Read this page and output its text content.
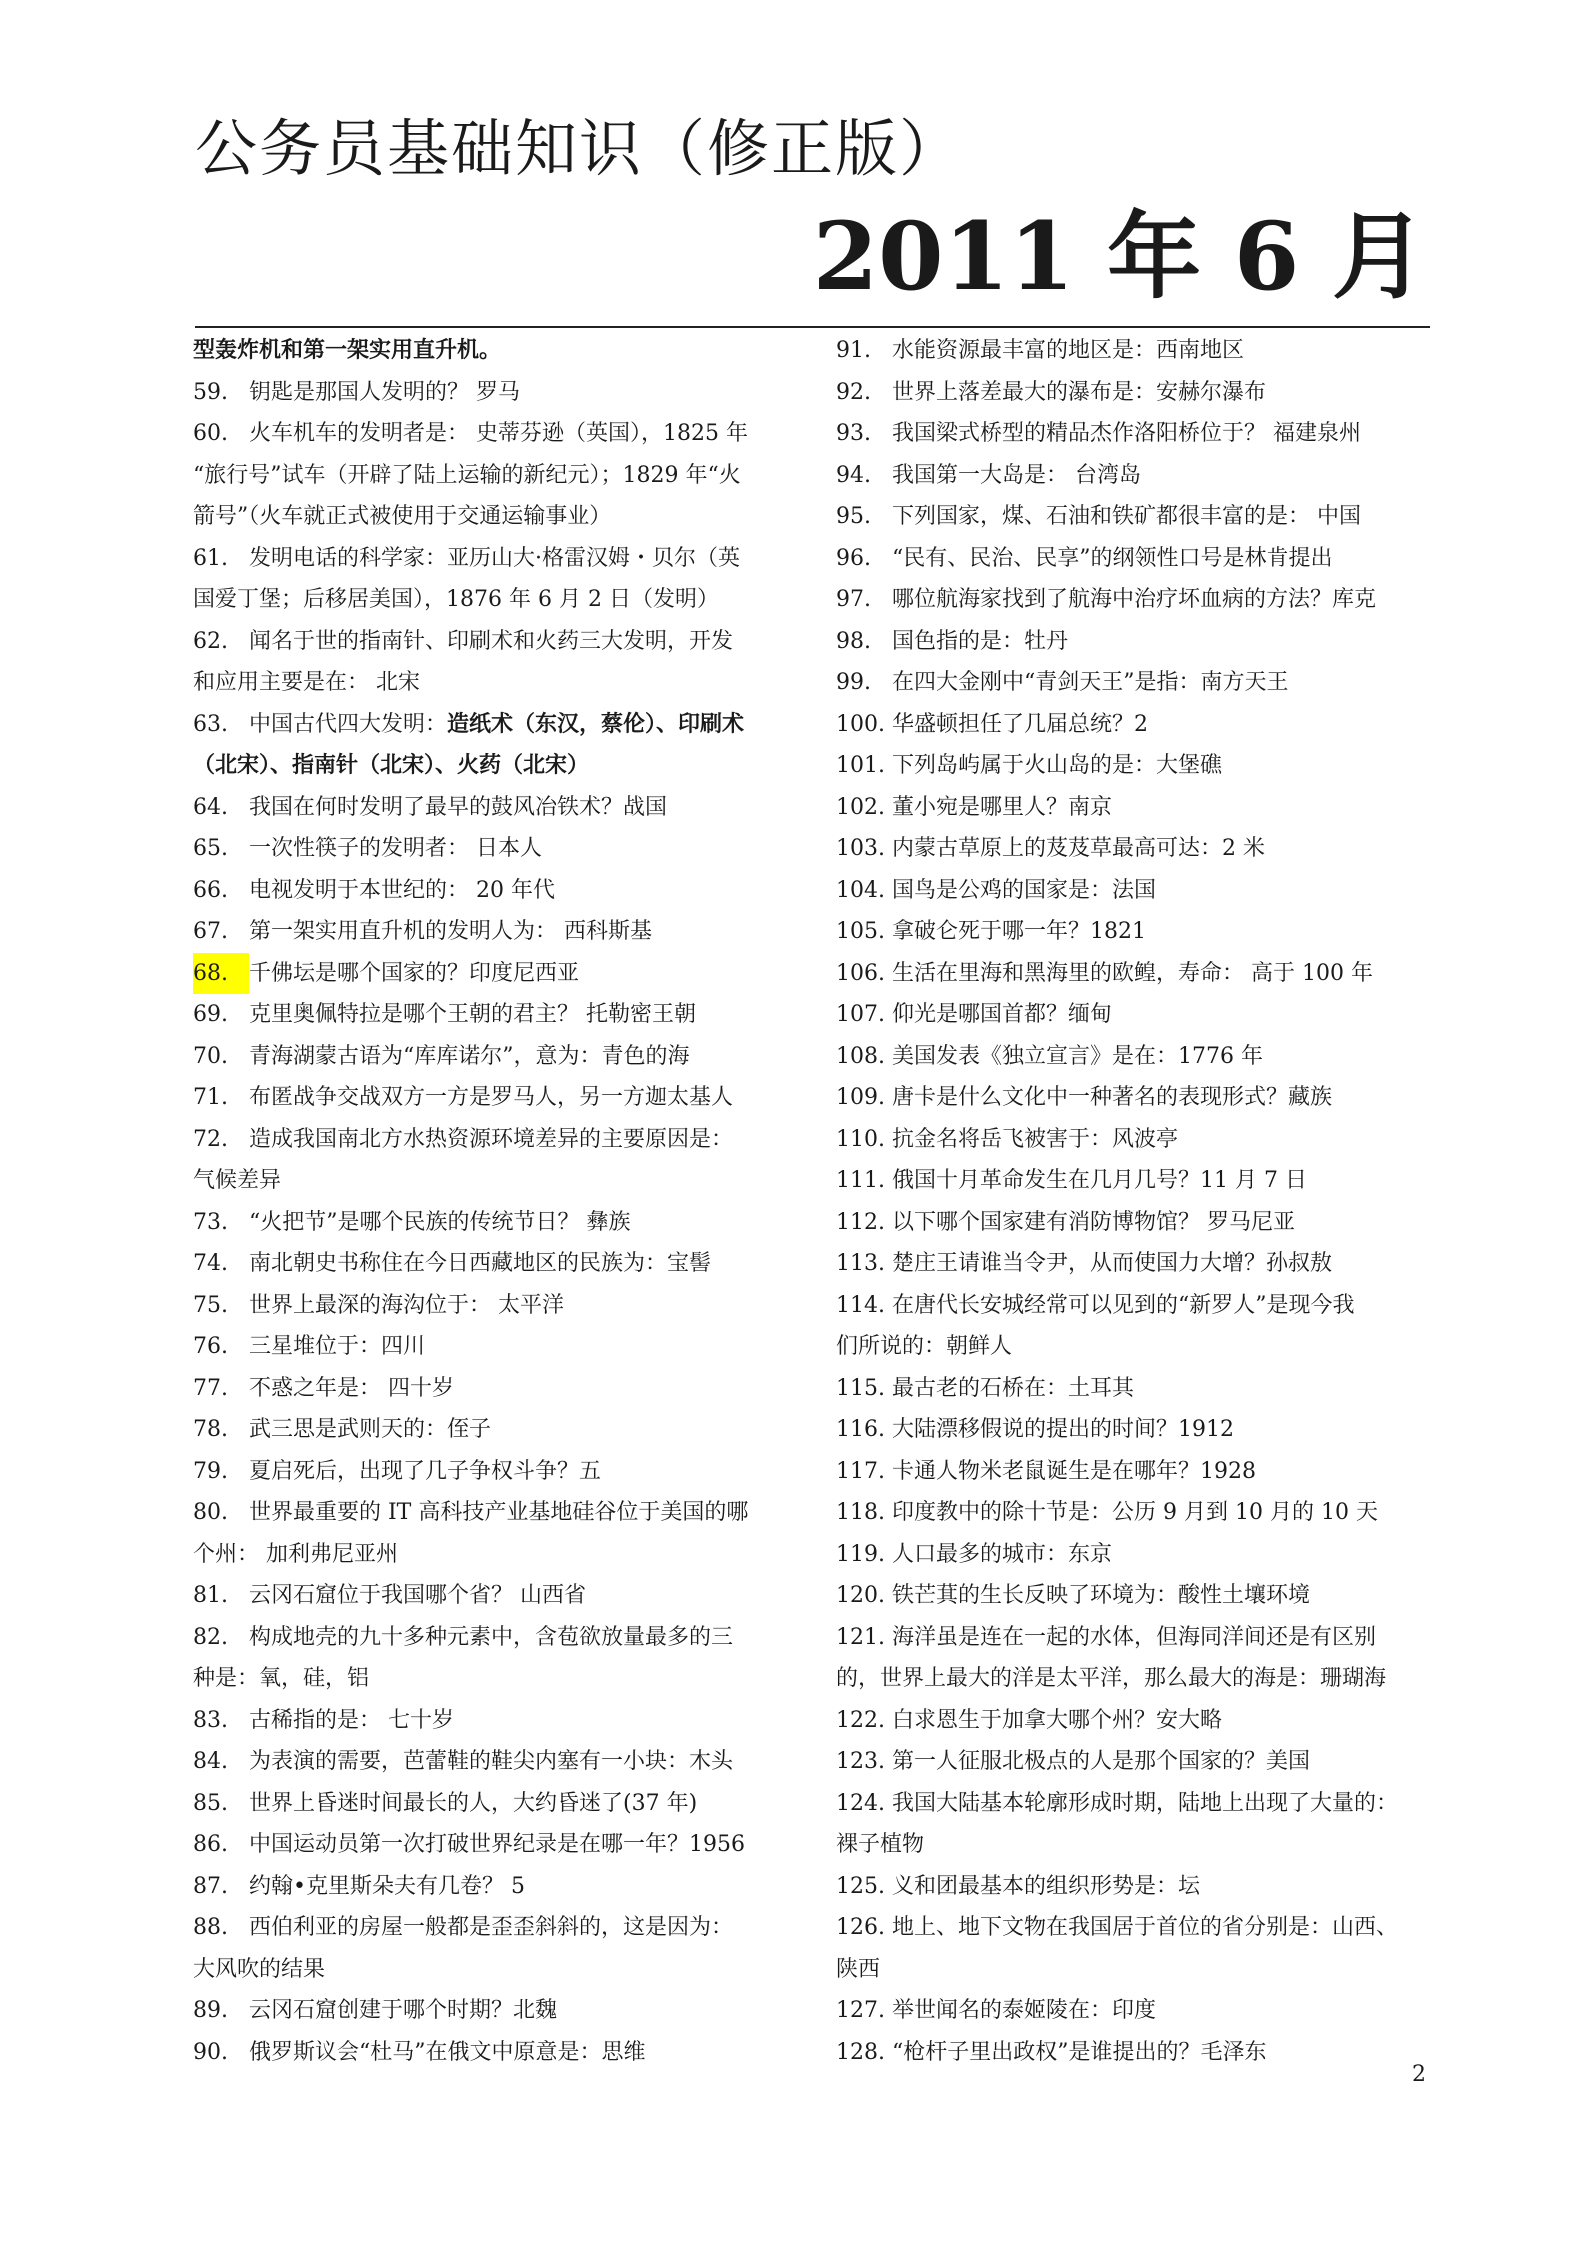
公务员基础知识（修正版）
2011 年 6 月
型轰炸机和第一架实用直升机。
59. 钥匙是那国人发明的？ 罗马
60. 火车机车的发明者是： 史蒂芬逊（英国），1825 年
“旅行号”试车（开辟了陆上运输的新纪元）；1829 年“火
箭号”（火车就正式被使用于交通运输事业）
61. 发明电话的科学家：亚历山大·格雷汉姆・贝尔（英
国爱丁堡；后移居美国），1876 年 6 月 2 日（发明）
62. 闻名于世的指南针、印刷术和火药三大发明，开发
和应用主要是在： 北宋
63. 中国古代四大发明：造纸术（东汉，蔡伦）、印刷术
（北宋）、指南针（北宋）、火药（北宋）
64. 我国在何时发明了最早的鼓风冶铁术？战国
65. 一次性筷子的发明者： 日本人
66. 电视发明于本世纪的： 20 年代
67. 第一架实用直升机的发明人为： 西科斯基
68. 千佛坛是哪个国家的？印度尼西亚
69. 克里奥佩特拉是哪个王朝的君主？ 托勒密王朝
70. 青海湖蒙古语为“库库诺尔”，意为：青色的海
71. 布匿战争交战双方一方是罗马人，另一方迦太基人
72. 造成我国南北方水热资源环境差异的主要原因是：
气候差异
73. “火把节”是哪个民族的传统节日？ 彝族
74. 南北朝史书称住在今日西藏地区的民族为：宝髻
75. 世界上最深的海沟位于： 太平洋
76. 三星堆位于：四川
77. 不惑之年是： 四十岁
78. 武三思是武则天的：侄子
79. 夏启死后，出现了几子争权斗争？五
80. 世界最重要的 IT 高科技产业基地硅谷位于美国的哪
个州： 加利弗尼亚州
81. 云冈石窟位于我国哪个省？ 山西省
82. 构成地壳的九十多种元素中，含苞欲放量最多的三
种是：氧，硅，铝
83. 古稀指的是： 七十岁
84. 为表演的需要，芭蕾鞋的鞋尖内塞有一小块：木头
85. 世界上昏迷时间最长的人，大约昏迷了(37 年)
86. 中国运动员第一次打破世界纪录是在哪一年？1956
87. 约翰•克里斯朵夫有几卷？ 5
88. 西伯利亚的房屋一般都是歪歪斜斜的，这是因为：
大风吹的结果
89. 云冈石窟创建于哪个时期？北魏
90. 俄罗斯议会“杜马”在俄文中原意是：思维
91. 水能资源最丰富的地区是：西南地区
92. 世界上落差最大的瀑布是：安赫尔瀑布
93. 我国梁式桥型的精品杰作洛阳桥位于？ 福建泉州
94. 我国第一大岛是： 台湾岛
95. 下列国家，煤、石油和铁矿都很丰富的是： 中国
96. “民有、民治、民享”的纲领性口号是林肯提出
97. 哪位航海家找到了航海中治疗坏血病的方法？库克
98. 国色指的是：牡丹
99. 在四大金刚中“青剑天王”是指：南方天王
100. 华盛顿担任了几届总统？2
101. 下列岛屿属于火山岛的是：大堡礁
102. 董小宛是哪里人？南京
103. 内蒙古草原上的芨芨草最高可达：2 米
104. 国鸟是公鸡的国家是：法国
105. 拿破仑死于哪一年？1821
106. 生活在里海和黑海里的欧鳇，寿命： 高于 100 年
107. 仰光是哪国首都？缅甸
108. 美国发表《独立宣言》是在：1776 年
109. 唐卡是什么文化中一种著名的表现形式？藏族
110. 抗金名将岳飞被害于：风波亭
111. 俄国十月革命发生在几月几号？11 月 7 日
112. 以下哪个国家建有消防博物馆？ 罗马尼亚
113. 楚庄王请谁当令尹，从而使国力大增？孙叔敖
114. 在唐代长安城经常可以见到的“新罗人”是现今我
们所说的：朝鲜人
115. 最古老的石桥在：土耳其
116. 大陆漂移假说的提出的时间？1912
117. 卡通人物米老鼠诞生是在哪年？1928
118. 印度教中的除十节是：公历 9 月到 10 月的 10 天
119. 人口最多的城市：东京
120. 铁芒萁的生长反映了环境为：酸性土壤环境
121. 海洋虽是连在一起的水体，但海同洋间还是有区别
的，世界上最大的洋是太平洋，那么最大的海是：珊瑚海
122. 白求恩生于加拿大哪个州？安大略
123. 第一人征服北极点的人是那个国家的？美国
124. 我国大陆基本轮廓形成时期，陆地上出现了大量的：
裸子植物
125. 义和团最基本的组织形势是：坛
126. 地上、地下文物在我国居于首位的省分别是：山西、
陕西
127. 举世闻名的泰姬陵在：印度
128. “枪杆子里出政权”是谁提出的？毛泽东
2
